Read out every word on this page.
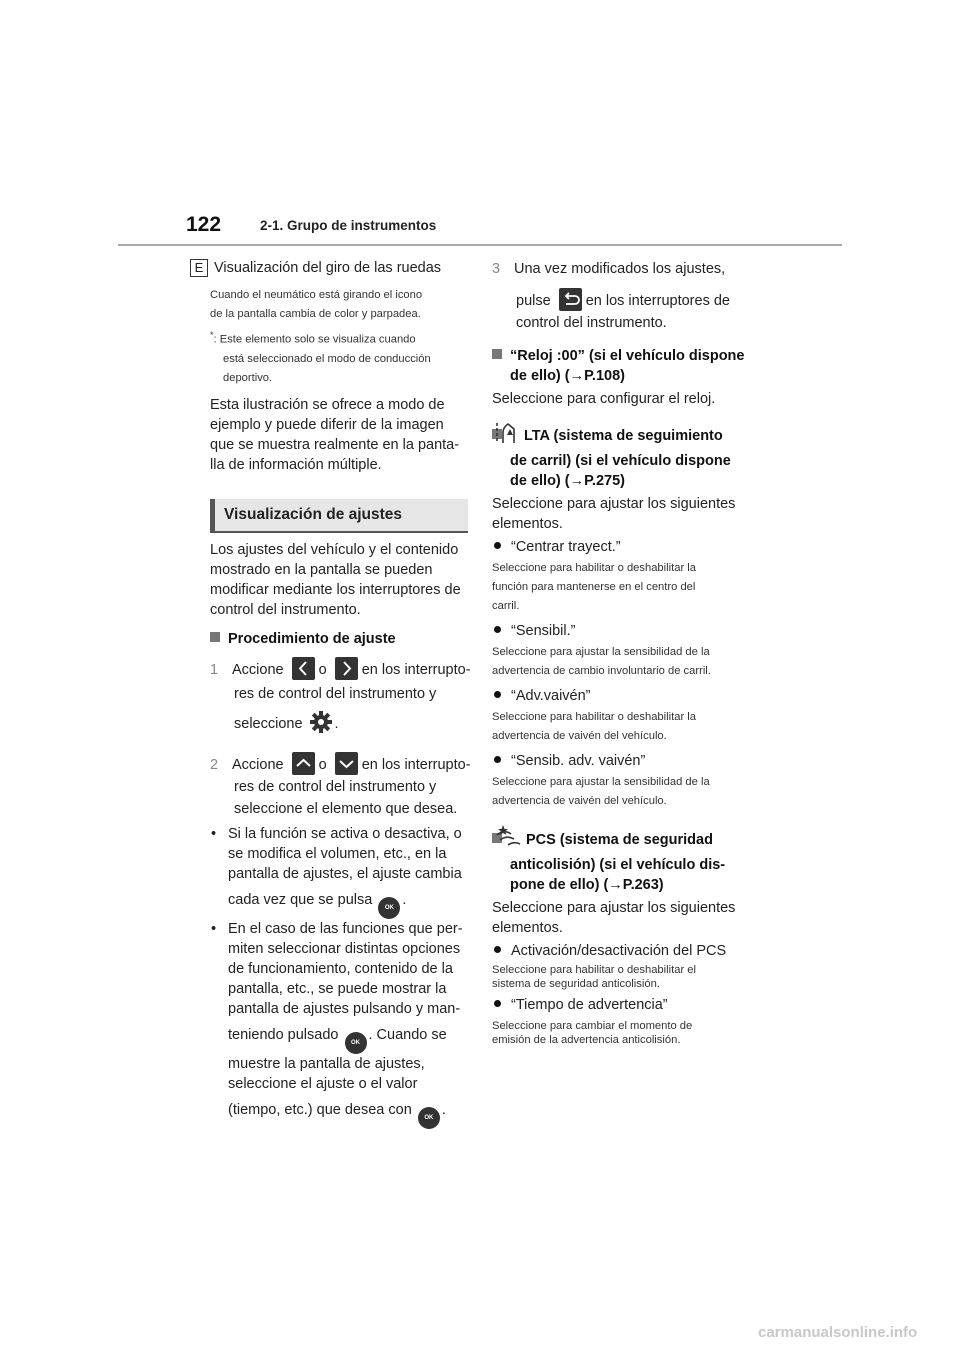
122	2-1. Grupo de instrumentos

E Visualización del giro de las ruedas

Cuando el neumático está girando el icono
de la pantalla cambia de color y parpadea.

*: Este elemento solo se visualiza cuando
está seleccionado el modo de conducción
deportivo.

Esta ilustración se ofrece a modo de
ejemplo y puede diferir de la imagen
que se muestra realmente en la panta-
lla de información múltiple.

Visualización de ajustes

Los ajustes del vehículo y el contenido
mostrado en la pantalla se pueden
modificar mediante los interruptores de
control del instrumento.

Procedimiento de ajuste

1 Accione o en los interrupto-
res de control del instrumento y

seleccione .
2 Accione o en los interrupto-
res de control del instrumento y
seleccione el elemento que desea.
• Si la función se activa o desactiva, o
se modifica el volumen, etc., en la
pantalla de ajustes, el ajuste cambia

cada vez que se pulsa OK .
• En el caso de las funciones que per-
miten seleccionar distintas opciones
de funcionamiento, contenido de la
pantalla, etc., se puede mostrar la
pantalla de ajustes pulsando y man-

teniendo pulsado OK . Cuando se
muestre la pantalla de ajustes,
seleccione el ajuste o el valor

(tiempo, etc.) que desea con OK .
3 Una vez modificados los ajustes,

pulse en los interruptores de
control del instrumento.
“Reloj :00” (si el vehículo dispone
de ello) (→P.108)

Seleccione para configurar el reloj.

LTA (sistema de seguimiento
de carril) (si el vehículo dispone
de ello) (→P.275)

Seleccione para ajustar los siguientes
elementos.

“Centrar trayect.”

Seleccione para habilitar o deshabilitar la
función para mantenerse en el centro del
carril.

“Sensibil.”

Seleccione para ajustar la sensibilidad de la
advertencia de cambio involuntario de carril.

“Adv.vaivén”

Seleccione para habilitar o deshabilitar la
advertencia de vaivén del vehículo.

“Sensib. adv. vaivén”

Seleccione para ajustar la sensibilidad de la
advertencia de vaivén del vehículo.

PCS (sistema de seguridad
anticolisión) (si el vehículo dis-
pone de ello) (→P.263)

Seleccione para ajustar los siguientes
elementos.

Activación/desactivación del PCS

Seleccione para habilitar o deshabilitar el
sistema de seguridad anticolisión.

“Tiempo de advertencia”

Seleccione para cambiar el momento de
emisión de la advertencia anticolisión.

carmanualsonline.info
